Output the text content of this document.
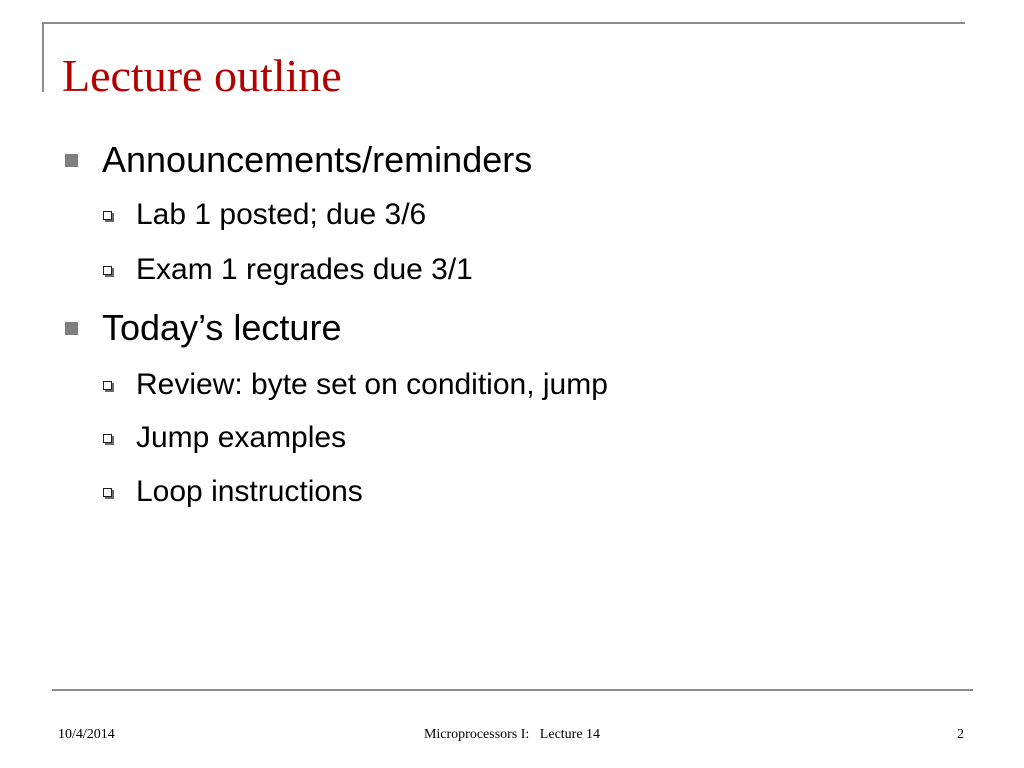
Lecture outline
Announcements/reminders
Lab 1 posted; due 3/6
Exam 1 regrades due 3/1
Today’s lecture
Review: byte set on condition, jump
Jump examples
Loop instructions
10/4/2014	Microprocessors I:   Lecture 14	2
